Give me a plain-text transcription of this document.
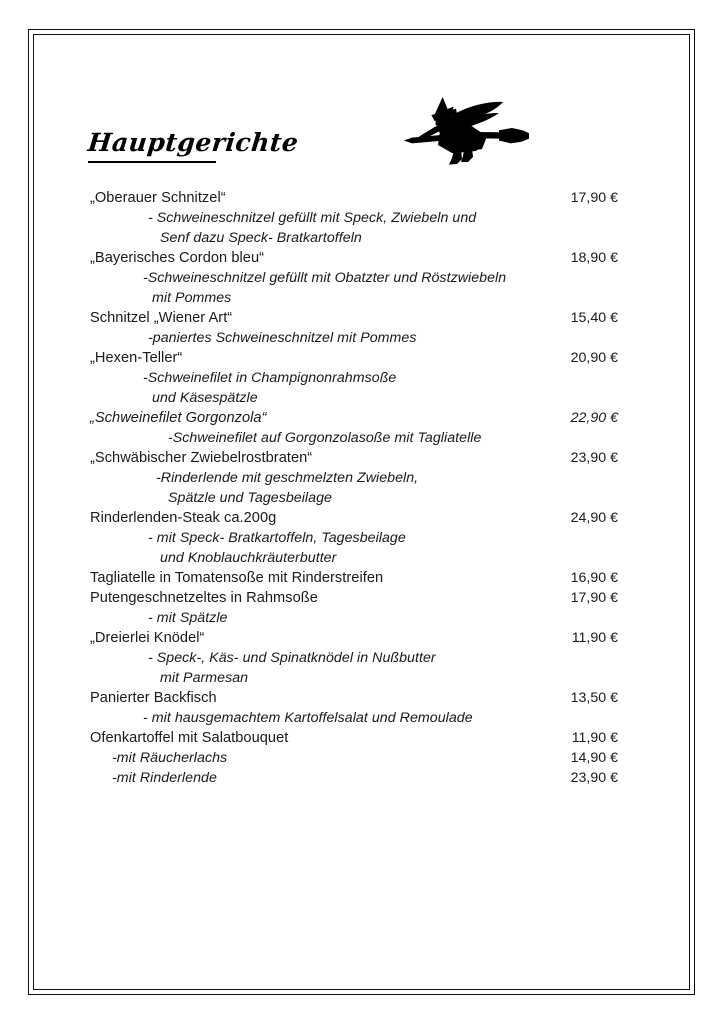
Hauptgerichte
„Oberauer Schnitzel“	17,90 €
- Schweineschnitzel gefüllt mit Speck, Zwiebeln und
Senf dazu Speck- Bratkartoffeln
„Bayerisches Cordon bleu“	18,90 €
-Schweineschnitzel gefüllt mit Obatzter und Röstzwiebeln
mit Pommes
Schnitzel „Wiener Art“	15,40 €
-paniertes Schweineschnitzel mit Pommes
„Hexen-Teller“	20,90 €
-Schweinefilet in Champignonrahmsoße
und Käsespätzle
„Schweinefilet Gorgonzola“	22,90 €
-Schweinefilet auf Gorgonzolasoße mit Tagliatelle
„Schwäbischer Zwiebelrostbraten“	23,90 €
-Rinderlende mit geschmelzten Zwiebeln,
Spätzle und Tagesbeilage
Rinderlenden-Steak ca.200g	24,90 €
- mit Speck- Bratkartoffeln, Tagesbeilage
und Knoblauchkräuterbutter
Tagliatelle in Tomatensoße mit Rinderstreifen	16,90 €
Putengeschnetzeltes in Rahmsoße	17,90 €
- mit Spätzle
„Dreierlei Knödel“	11,90 €
- Speck-, Käs- und Spinatknödel in Nußbutter
mit Parmesan
Panierter Backfisch	13,50 €
- mit hausgemachtem Kartoffelsalat und Remoulade
Ofenkartoffel mit Salatbouquet	11,90 €
-mit Räucherlachs	14,90 €
-mit Rinderlende	23,90 €
